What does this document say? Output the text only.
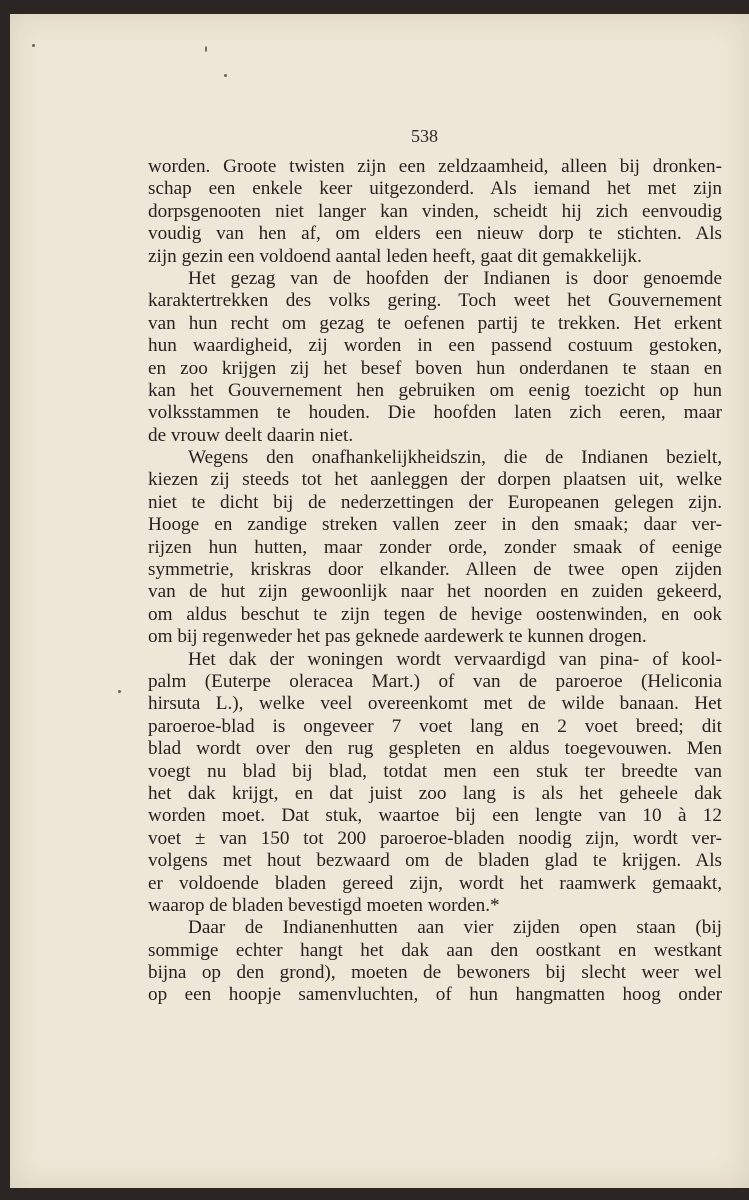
538
worden. Groote twisten zijn een zeldzaamheid, alleen bij dronken-
schap een enkele keer uitgezonderd. Als iemand het met zijn
dorpsgenooten niet langer kan vinden, scheidt hij zich eenvoudig
voudig van hen af, om elders een nieuw dorp te stichten. Als
zijn gezin een voldoend aantal leden heeft, gaat dit gemakkelijk.
Het gezag van de hoofden der Indianen is door genoemde
karaktertrekken des volks gering. Toch weet het Gouvernement
van hun recht om gezag te oefenen partij te trekken. Het erkent
hun waardigheid, zij worden in een passend costuum gestoken,
en zoo krijgen zij het besef boven hun onderdanen te staan en
kan het Gouvernement hen gebruiken om eenig toezicht op hun
volksstammen te houden. Die hoofden laten zich eeren, maar
de vrouw deelt daarin niet.
Wegens den onafhankelijkheidszin, die de Indianen bezielt,
kiezen zij steeds tot het aanleggen der dorpen plaatsen uit, welke
niet te dicht bij de nederzettingen der Europeanen gelegen zijn.
Hooge en zandige streken vallen zeer in den smaak; daar ver-
rijzen hun hutten, maar zonder orde, zonder smaak of eenige
symmetrie, kriskras door elkander. Alleen de twee open zijden
van de hut zijn gewoonlijk naar het noorden en zuiden gekeerd,
om aldus beschut te zijn tegen de hevige oostenwinden, en ook
om bij regenweder het pas geknede aardewerk te kunnen drogen.
Het dak der woningen wordt vervaardigd van pina- of kool-
palm (Euterpe oleracea Mart.) of van de paroeroe (Heliconia
hirsuta L.), welke veel overeenkomt met de wilde banaan. Het
paroeroe-blad is ongeveer 7 voet lang en 2 voet breed; dit
blad wordt over den rug gespleten en aldus toegevouwen. Men
voegt nu blad bij blad, totdat men een stuk ter breedte van
het dak krijgt, en dat juist zoo lang is als het geheele dak
worden moet. Dat stuk, waartoe bij een lengte van 10 à 12
voet ± van 150 tot 200 paroeroe-bladen noodig zijn, wordt ver-
volgens met hout bezwaard om de bladen glad te krijgen. Als
er voldoende bladen gereed zijn, wordt het raamwerk gemaakt,
waarop de bladen bevestigd moeten worden.*
Daar de Indianenhutten aan vier zijden open staan (bij
sommige echter hangt het dak aan den oostkant en westkant
bijna op den grond), moeten de bewoners bij slecht weer wel
op een hoopje samenvluchten, of hun hangmatten hoog onder
